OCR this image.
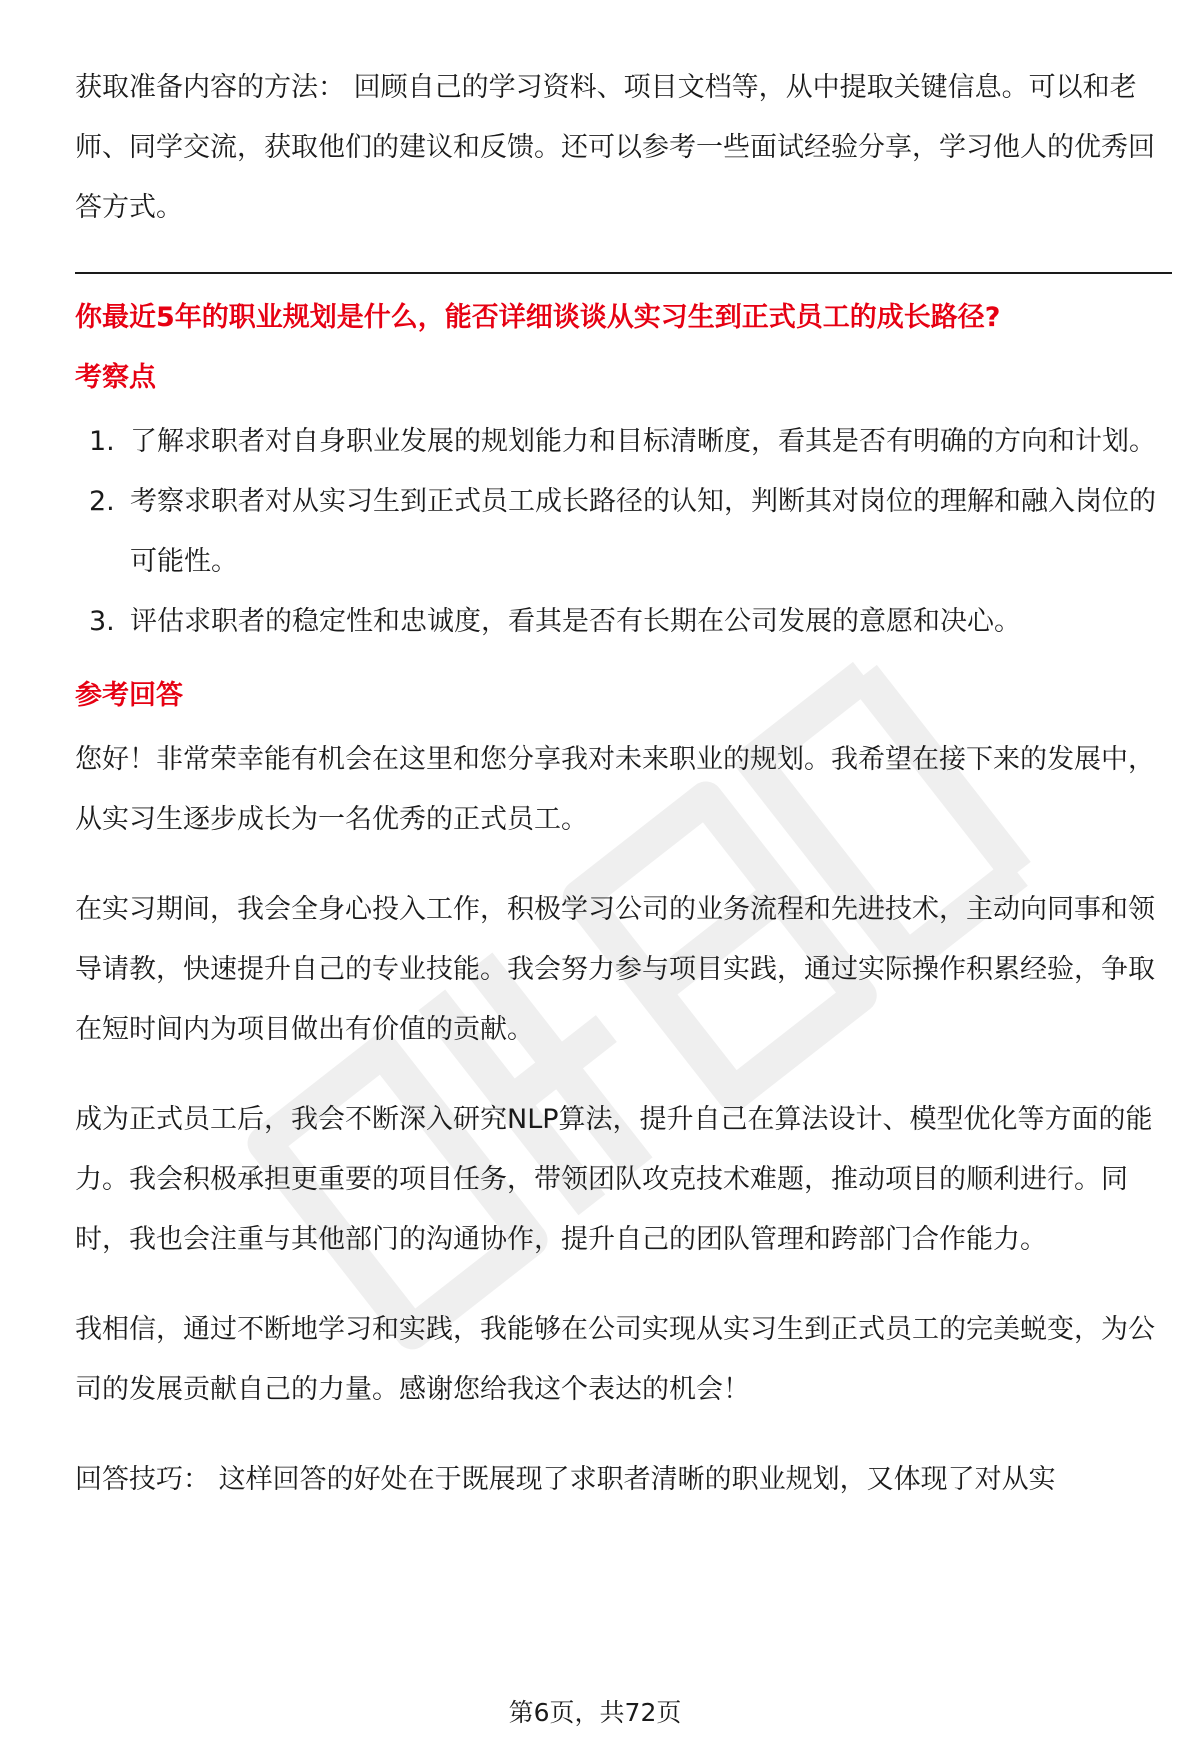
获取准备内容的方法： 回顾自己的学习资料、项目文档等，从中提取关键信息。可以和老师、同学交流，获取他们的建议和反馈。还可以参考一些面试经验分享，学习他人的优秀回答方式。

你最近5年的职业规划是什么，能否详细谈谈从实习生到正式员工的成长路径?
考察点
1. 了解求职者对自身职业发展的规划能力和目标清晰度，看其是否有明确的方向和计划。
2. 考察求职者对从实习生到正式员工成长路径的认知，判断其对岗位的理解和融入岗位的可能性。
3. 评估求职者的稳定性和忠诚度，看其是否有长期在公司发展的意愿和决心。
参考回答

您好！非常荣幸能有机会在这里和您分享我对未来职业的规划。我希望在接下来的发展中，从实习生逐步成长为一名优秀的正式员工。

在实习期间，我会全身心投入工作，积极学习公司的业务流程和先进技术，主动向同事和领导请教，快速提升自己的专业技能。我会努力参与项目实践，通过实际操作积累经验，争取在短时间内为项目做出有价值的贡献。

成为正式员工后，我会不断深入研究NLP算法，提升自己在算法设计、模型优化等方面的能力。我会积极承担更重要的项目任务，带领团队攻克技术难题，推动项目的顺利进行。同时，我也会注重与其他部门的沟通协作，提升自己的团队管理和跨部门合作能力。

我相信，通过不断地学习和实践，我能够在公司实现从实习生到正式员工的完美蜕变，为公司的发展贡献自己的力量。感谢您给我这个表达的机会！

回答技巧： 这样回答的好处在于既展现了求职者清晰的职业规划，又体现了对从实

第6页，共72页
